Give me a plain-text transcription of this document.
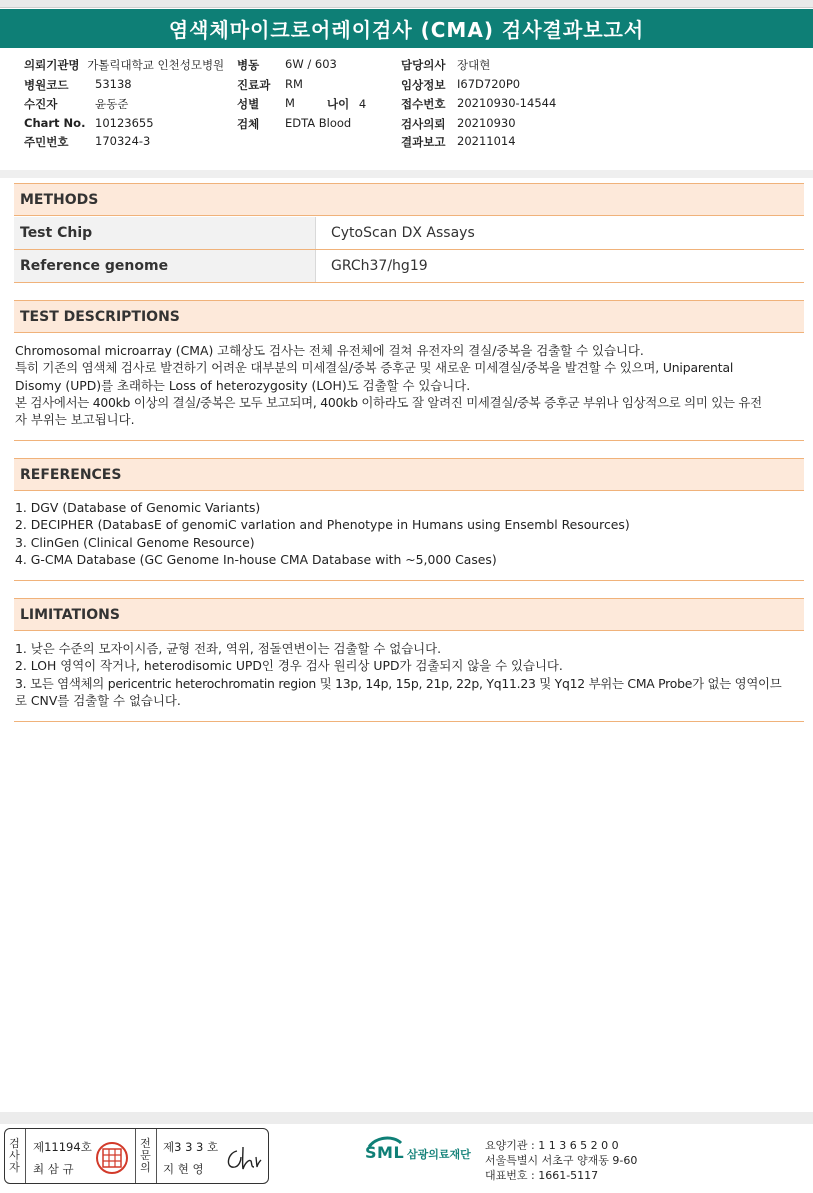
염색체마이크로어레이검사 (CMA) 검사결과보고서
의뢰기관명 가톨릭대학교 인천성모병원
병원코드 53138
수진자	윤동준
Chart No. 10123655
주민번호 170324-3
병동 6W / 603
진료과 RM
성별 M	나이 4
검체 EDTA Blood
담당의사 장대현
임상정보 I67D720P0
접수번호 20210930-14544
검사의뢰 20210930
결과보고 20211014
METHODS
Test Chip	CytoScan DX Assays
Reference genome	GRCh37/hg19
TEST DESCRIPTIONS
Chromosomal microarray (CMA) 고해상도 검사는 전체 유전체에 걸쳐 유전자의 결실/중복을 검출할 수 있습니다.
특히 기존의 염색체 검사로 발견하기 어려운 대부분의 미세결실/중복 증후군 및 새로운 미세결실/중복을 발견할 수 있으며, Uniparental
Disomy (UPD)를 초래하는 Loss of heterozygosity (LOH)도 검출할 수 있습니다.
본 검사에서는 400kb 이상의 결실/중복은 모두 보고되며, 400kb 이하라도 잘 알려진 미세결실/중복 증후군 부위나 임상적으로 의미 있는 유전
자 부위는 보고됩니다.
REFERENCES
1. DGV (Database of Genomic Variants)
2. DECIPHER (DatabasE of genomiC varIation and Phenotype in Humans using Ensembl Resources)
3. ClinGen (Clinical Genome Resource)
4. G-CMA Database (GC Genome In-house CMA Database with ~5,000 Cases)
LIMITATIONS
1. 낮은 수준의 모자이시즘, 균형 전좌, 역위, 점돌연변이는 검출할 수 없습니다.
2. LOH 영역이 작거나, heterodisomic UPD인 경우 검사 원리상 UPD가 검출되지 않을 수 있습니다.
3. 모든 염색체의 pericentric heterochromatin region 및 13p, 14p, 15p, 21p, 22p, Yq11.23 및 Yq12 부위는 CMA Probe가 없는 영역이므
로 CNV를 검출할 수 없습니다.
검
사
자
제11194호
최 삼 규
전
문
의
제3 3 3 호
지 현 영
SML 삼광의료재단
요양기관 : 1 1 3 6 5 2 0 0
서울특별시 서초구 양재동 9-60
대표번호 : 1661-5117
